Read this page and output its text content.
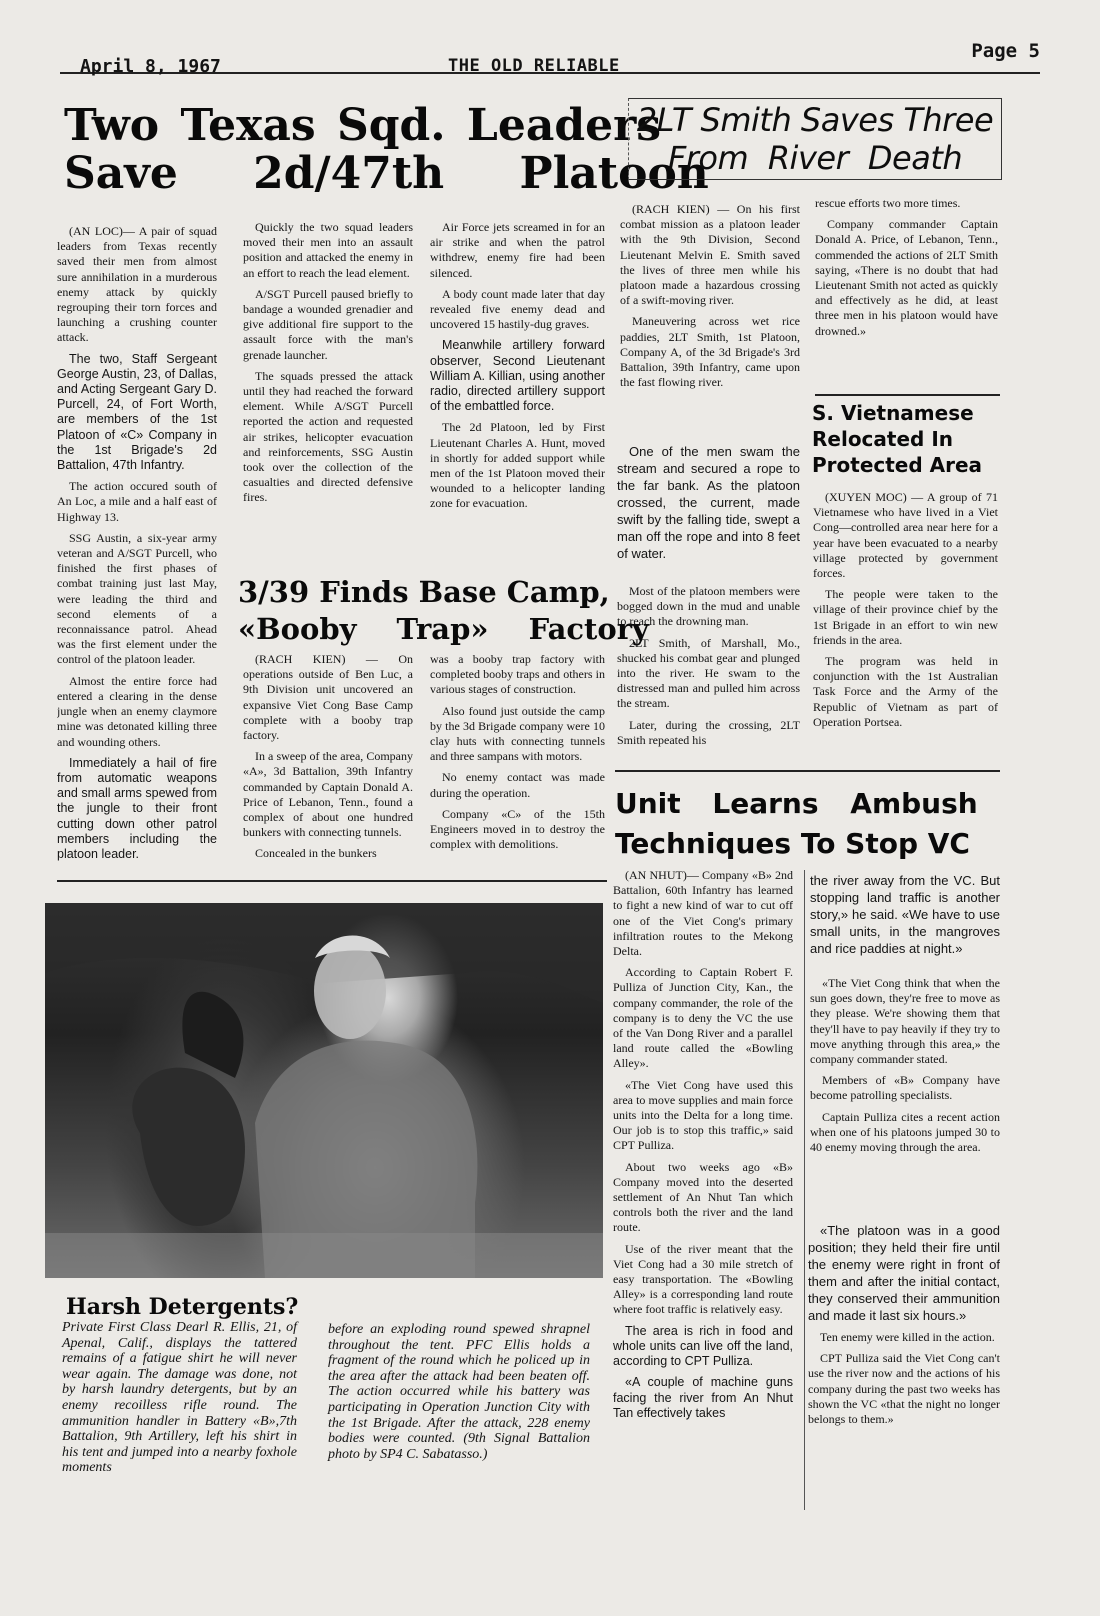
April 8, 1967	THE OLD RELIABLE
Page 5
Two Texas Sqd. Leaders
Save 2d/47th Platoon

(AN LOC)— A pair of squad leaders from Texas recently saved their men from almost sure annihilation in a murderous enemy attack by quickly regrouping their torn forces and launching a crushing counter attack.

The two, Staff Sergeant George Austin, 23, of Dallas, and Acting Sergeant Gary D. Purcell, 24, of Fort Worth, are members of the 1st Platoon of «C» Company in the 1st Brigade's 2d Battalion, 47th Infantry.

The action occured south of An Loc, a mile and a half east of Highway 13.

SSG Austin, a six-year army veteran and A/SGT Purcell, who finished the first phases of combat training just last May, were leading the third and second elements of a reconnaissance patrol. Ahead was the first element under the control of the platoon leader.

Almost the entire force had entered a clearing in the dense jungle when an enemy claymore mine was detonated killing three and wounding others.

Immediately a hail of fire from automatic weapons and small arms spewed from the jungle to their front cutting down other patrol members including the platoon leader.

Quickly the two squad leaders moved their men into an assault position and attacked the enemy in an effort to reach the lead element.

A/SGT Purcell paused briefly to bandage a wounded grenadier and give additional fire support to the assault force with the man's grenade launcher.

The squads pressed the attack until they had reached the forward element. While A/SGT Purcell reported the action and requested air strikes, helicopter evacuation and reinforcements, SSG Austin took over the collection of the casualties and directed defensive fires.

Air Force jets screamed in for an air strike and when the patrol withdrew, enemy fire had been silenced.

A body count made later that day revealed five enemy dead and uncovered 15 hastily-dug graves.

Meanwhile artillery forward observer, Second Lieutenant William A. Killian, using another radio, directed artillery support of the embattled force.

The 2d Platoon, led by First Lieutenant Charles A. Hunt, moved in shortly for added support while men of the 1st Platoon moved their wounded to a helicopter landing zone for evacuation.

3/39 Finds Base Camp,
«Booby Trap» Factory

(RACH KIEN) — On operations outside of Ben Luc, a 9th Division unit uncovered an expansive Viet Cong Base Camp complete with a booby trap factory.

In a sweep of the area, Company «A», 3d Battalion, 39th Infantry commanded by Captain Donald A. Price of Lebanon, Tenn., found a complex of about one hundred bunkers with connecting tunnels.

Concealed in the bunkers

was a booby trap factory with completed booby traps and others in various stages of construction.

Also found just outside the camp by the 3d Brigade company were 10 clay huts with connecting tunnels and three sampans with motors.

No enemy contact was made during the operation.

Company «C» of the 15th Engineers moved in to destroy the complex with demolitions.

2LT Smith Saves Three
From River Death

(RACH KIEN) — On his first combat mission as a platoon leader with the 9th Division, Second Lieutenant Melvin E. Smith saved the lives of three men while his platoon made a hazardous crossing of a swift-moving river.

Maneuvering across wet rice paddies, 2LT Smith, 1st Platoon, Company A, of the 3d Brigade's 3rd Battalion, 39th Infantry, came upon the fast flowing river.

One of the men swam the stream and secured a rope to the far bank. As the platoon crossed, the current, made swift by the falling tide, swept a man off the rope and into 8 feet of water.

Most of the platoon members were bogged down in the mud and unable to reach the drowning man.

2LT Smith, of Marshall, Mo., shucked his combat gear and plunged into the river. He swam to the distressed man and pulled him across the stream.

Later, during the crossing, 2LT Smith repeated his

rescue efforts two more times.

Company commander Captain Donald A. Price, of Lebanon, Tenn., commended the actions of 2LT Smith saying, «There is no doubt that had Lieutenant Smith not acted as quickly and effectively as he did, at least three men in his platoon would have drowned.»

S. Vietnamese
Relocated In
Protected Area

(XUYEN MOC) — A group of 71 Vietnamese who have lived in a Viet Cong—controlled area near here for a year have been evacuated to a nearby village protected by government forces.

The people were taken to the village of their province chief by the 1st Brigade in an effort to win new friends in the area.

The program was held in conjunction with the 1st Australian Task Force and the Army of the Republic of Vietnam as part of Operation Portsea.

Unit Learns Ambush
Techniques To Stop VC

(AN NHUT)— Company «B» 2nd Battalion, 60th Infantry has learned to fight a new kind of war to cut off one of the Viet Cong's primary infiltration routes to the Mekong Delta.

According to Captain Robert F. Pulliza of Junction City, Kan., the company commander, the role of the company is to deny the VC the use of the Van Dong River and a parallel land route called the «Bowling Alley».

«The Viet Cong have used this area to move supplies and main force units into the Delta for a long time. Our job is to stop this traffic,» said CPT Pulliza.

About two weeks ago «B» Company moved into the deserted settlement of An Nhut Tan which controls both the river and the land route.

Use of the river meant that the Viet Cong had a 30 mile stretch of easy transportation. The «Bowling Alley» is a corresponding land route where foot traffic is relatively easy.

The area is rich in food and whole units can live off the land, according to CPT Pulliza.

«A couple of machine guns facing the river from An Nhut Tan effectively takes

the river away from the VC. But stopping land traffic is another story,» he said. «We have to use small units, in the mangroves and rice paddies at night.»

«The Viet Cong think that when the sun goes down, they're free to move as they please. We're showing them that they'll have to pay heavily if they try to move anything through this area,» the company commander stated.

Members of «B» Company have become patrolling specialists.

Captain Pulliza cites a recent action when one of his platoons jumped 30 to 40 enemy moving through the area.

«The platoon was in a good position; they held their fire until the enemy were right in front of them and after the initial contact, they conserved their ammunition and made it last six hours.»

Ten enemy were killed in the action.

CPT Pulliza said the Viet Cong can't use the river now and the actions of his company during the past two weeks has shown the VC «that the night no longer belongs to them.»

Harsh Detergents?

Private First Class Dearl R. Ellis, 21, of Apenal, Calif., displays the tattered remains of a fatigue shirt he will never wear again. The damage was done, not by harsh laundry detergents, but by an enemy recoilless rifle round. The ammunition handler in Battery «B»,7th Battalion, 9th Artillery, left his shirt in his tent and jumped into a nearby foxhole moments

before an exploding round spewed shrapnel throughout the tent. PFC Ellis holds a fragment of the round which he policed up in the area after the attack had been beaten off. The action occurred while his battery was participating in Operation Junction City with the 1st Brigade. After the attack, 228 enemy bodies were counted. (9th Signal Battalion photo by SP4 C. Sabatasso.)
